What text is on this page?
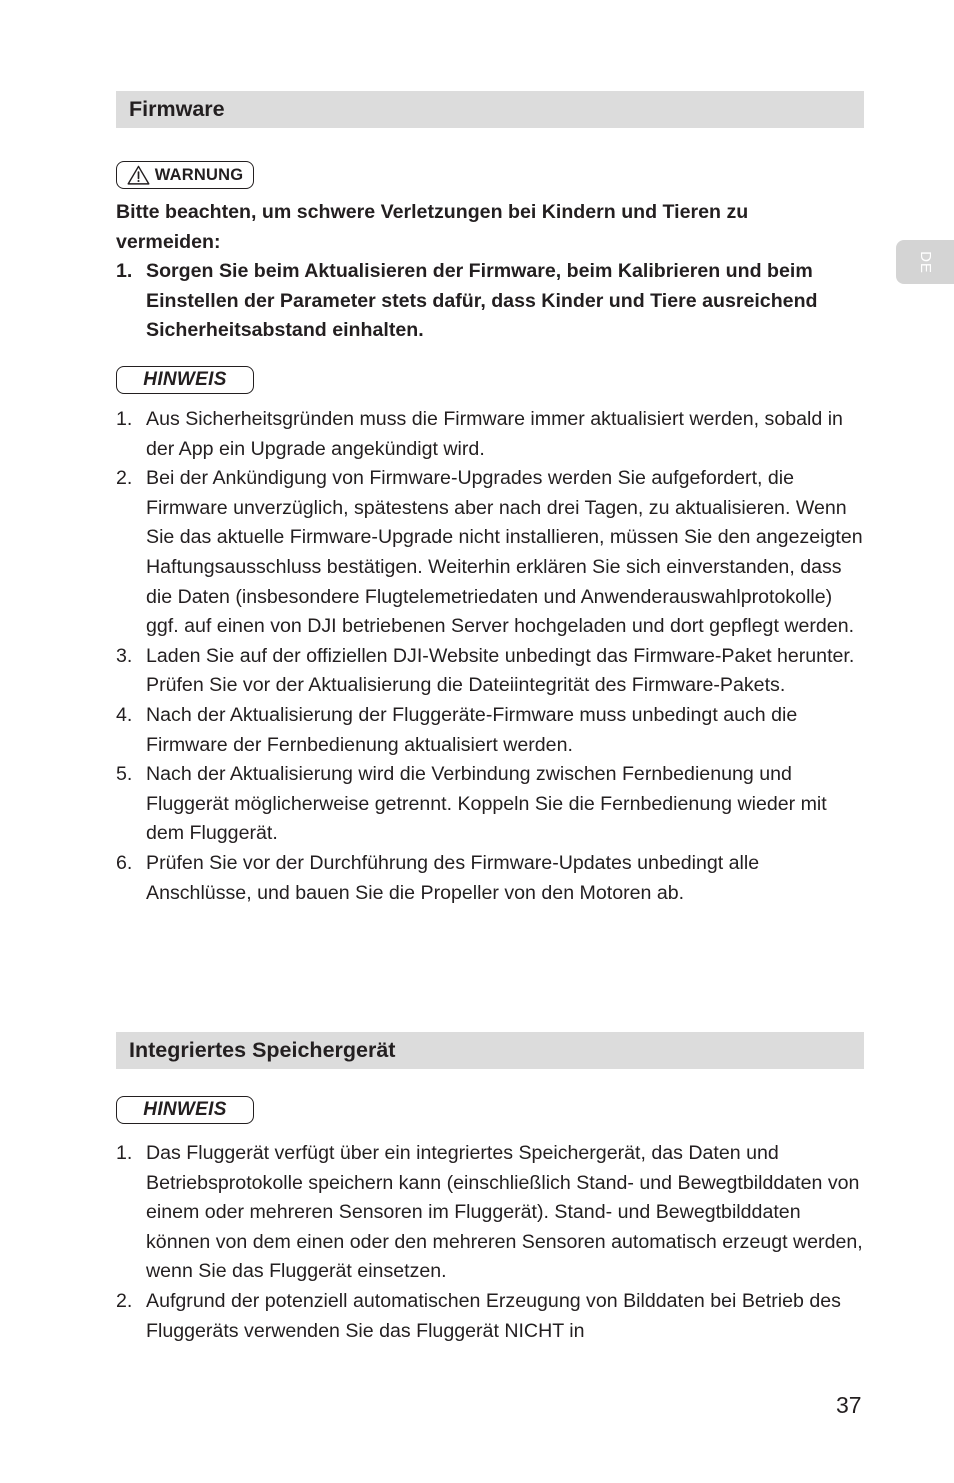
DE
Firmware
WARNUNG

Bitte beachten, um schwere Verletzungen bei Kindern und Tieren zu vermeiden:

1. Sorgen Sie beim Aktualisieren der Firmware, beim Kalibrieren und beim Einstellen der Parameter stets dafür, dass Kinder und Tiere ausreichend Sicherheitsabstand einhalten.
HINWEIS
1. Aus Sicherheitsgründen muss die Firmware immer aktualisiert werden, sobald in der App ein Upgrade angekündigt wird.
2. Bei der Ankündigung von Firmware-Upgrades werden Sie aufgefordert, die Firmware unverzüglich, spätestens aber nach drei Tagen, zu aktualisieren. Wenn Sie das aktuelle Firmware-Upgrade nicht installieren, müssen Sie den angezeigten Haftungsausschluss bestätigen. Weiterhin erklären Sie sich einverstanden, dass die Daten (insbesondere Flugtelemetriedaten und Anwenderauswahlprotokolle) ggf. auf einen von DJI betriebenen Server hochgeladen und dort gepflegt werden.
3. Laden Sie auf der offiziellen DJI-Website unbedingt das Firmware-Paket herunter. Prüfen Sie vor der Aktualisierung die Dateiintegrität des Firmware-Pakets.
4. Nach der Aktualisierung der Fluggeräte-Firmware muss unbedingt auch die Firmware der Fernbedienung aktualisiert werden.
5. Nach der Aktualisierung wird die Verbindung zwischen Fernbedienung und Fluggerät möglicherweise getrennt. Koppeln Sie die Fernbedienung wieder mit dem Fluggerät.
6. Prüfen Sie vor der Durchführung des Firmware-Updates unbedingt alle Anschlüsse, und bauen Sie die Propeller von den Motoren ab.
Integriertes Speichergerät
HINWEIS
1. Das Fluggerät verfügt über ein integriertes Speichergerät, das Daten und Betriebsprotokolle speichern kann (einschließlich Stand- und Bewegtbilddaten von einem oder mehreren Sensoren im Fluggerät). Stand- und Bewegtbilddaten können von dem einen oder den mehreren Sensoren automatisch erzeugt werden, wenn Sie das Fluggerät einsetzen.
2. Aufgrund der potenziell automatischen Erzeugung von Bilddaten bei Betrieb des Fluggeräts verwenden Sie das Fluggerät NICHT in
37
